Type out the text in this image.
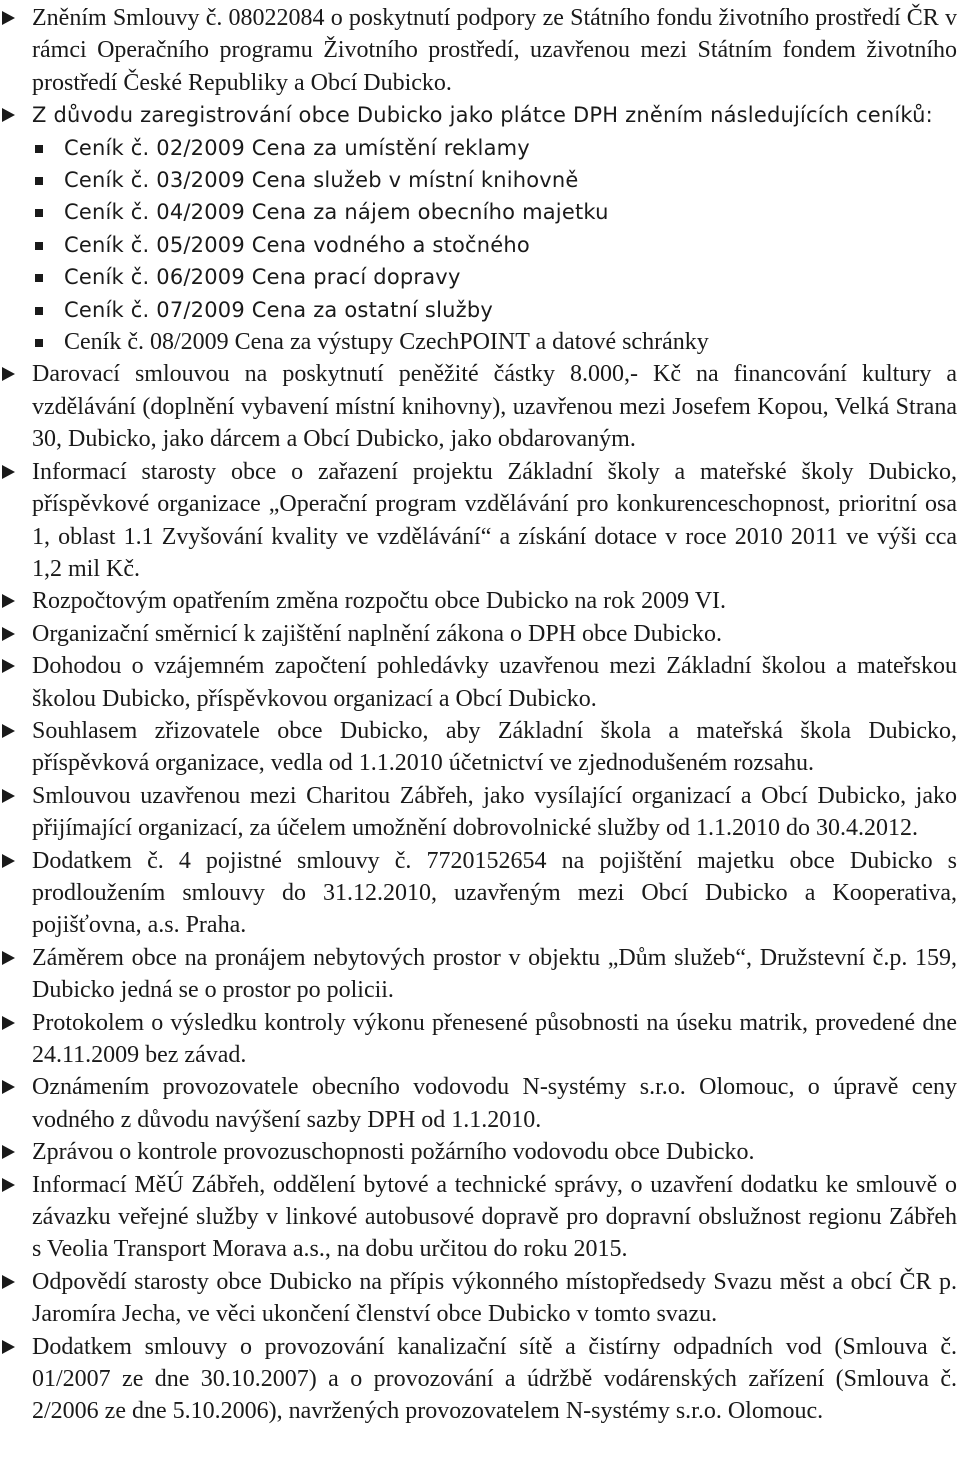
Zněním Smlouvy č. 08022084 o poskytnutí podpory ze Státního fondu životního prostředí ČR v rámci Operačního programu Životního prostředí, uzavřenou mezi Státním fondem životního prostředí České Republiky a Obcí Dubicko.
Z důvodu zaregistrování obce Dubicko jako plátce DPH zněním následujících ceníků:
Ceník č. 02/2009 Cena za umístění reklamy
Ceník č. 03/2009 Cena služeb v místní knihovně
Ceník č. 04/2009 Cena za nájem obecního majetku
Ceník č. 05/2009 Cena vodného a stočného
Ceník č. 06/2009 Cena prací dopravy
Ceník č. 07/2009 Cena za ostatní služby
Ceník č. 08/2009 Cena za výstupy CzechPOINT a datové schránky
Darovací smlouvou na poskytnutí peněžité částky 8.000,- Kč na financování kultury a vzdělávání (doplnění vybavení místní knihovny), uzavřenou mezi Josefem Kopou, Velká Strana 30, Dubicko, jako dárcem a Obcí Dubicko, jako obdarovaným.
Informací starosty obce o zařazení projektu Základní školy a mateřské školy Dubicko, příspěvkové organizace „Operační program vzdělávání pro konkurenceschopnost, prioritní osa 1, oblast 1.1 Zvyšování kvality ve vzdělávání“ a získání dotace v roce 2010 2011 ve výši cca 1,2 mil Kč.
Rozpočtovým opatřením změna rozpočtu obce Dubicko na rok 2009 VI.
Organizační směrnicí k zajištění naplnění zákona o DPH obce Dubicko.
Dohodou o vzájemném započtení pohledávky uzavřenou mezi Základní školou a mateřskou školou Dubicko, příspěvkovou organizací a Obcí Dubicko.
Souhlasem zřizovatele obce Dubicko, aby Základní škola a mateřská škola Dubicko, příspěvková organizace, vedla od 1.1.2010 účetnictví ve zjednodušeném rozsahu.
Smlouvou uzavřenou mezi Charitou Zábřeh, jako vysílající organizací a Obcí Dubicko, jako přijímající organizací, za účelem umožnění dobrovolnické služby od 1.1.2010 do 30.4.2012.
Dodatkem č. 4 pojistné smlouvy č. 7720152654 na pojištění majetku obce Dubicko s prodloužením smlouvy do 31.12.2010, uzavřeným mezi Obcí Dubicko a Kooperativa, pojišťovna, a.s. Praha.
Záměrem obce na pronájem nebytových prostor v objektu „Dům služeb“, Družstevní č.p. 159, Dubicko jedná se o prostor po policii.
Protokolem o výsledku kontroly výkonu přenesené působnosti na úseku matrik, provedené dne 24.11.2009 bez závad.
Oznámením provozovatele obecního vodovodu N-systémy s.r.o. Olomouc, o úpravě ceny vodného z důvodu navýšení sazby DPH od 1.1.2010.
Zprávou o kontrole provozuschopnosti požárního vodovodu obce Dubicko.
Informací MěÚ Zábřeh, oddělení bytové a technické správy, o uzavření dodatku ke smlouvě o závazku veřejné služby v linkové autobusové dopravě pro dopravní obslužnost regionu Zábřeh s Veolia Transport Morava a.s., na dobu určitou do roku 2015.
Odpovědí starosty obce Dubicko na přípis výkonného místopředsedy Svazu měst a obcí ČR p. Jaromíra Jecha, ve věci ukončení členství obce Dubicko v tomto svazu.
Dodatkem smlouvy o provozování kanalizační sítě a čistírny odpadních vod (Smlouva č. 01/2007 ze dne 30.10.2007) a o provozování a údržbě vodárenských zařízení (Smlouva č. 2/2006 ze dne 5.10.2006), navržených provozovatelem N-systémy s.r.o. Olomouc.
